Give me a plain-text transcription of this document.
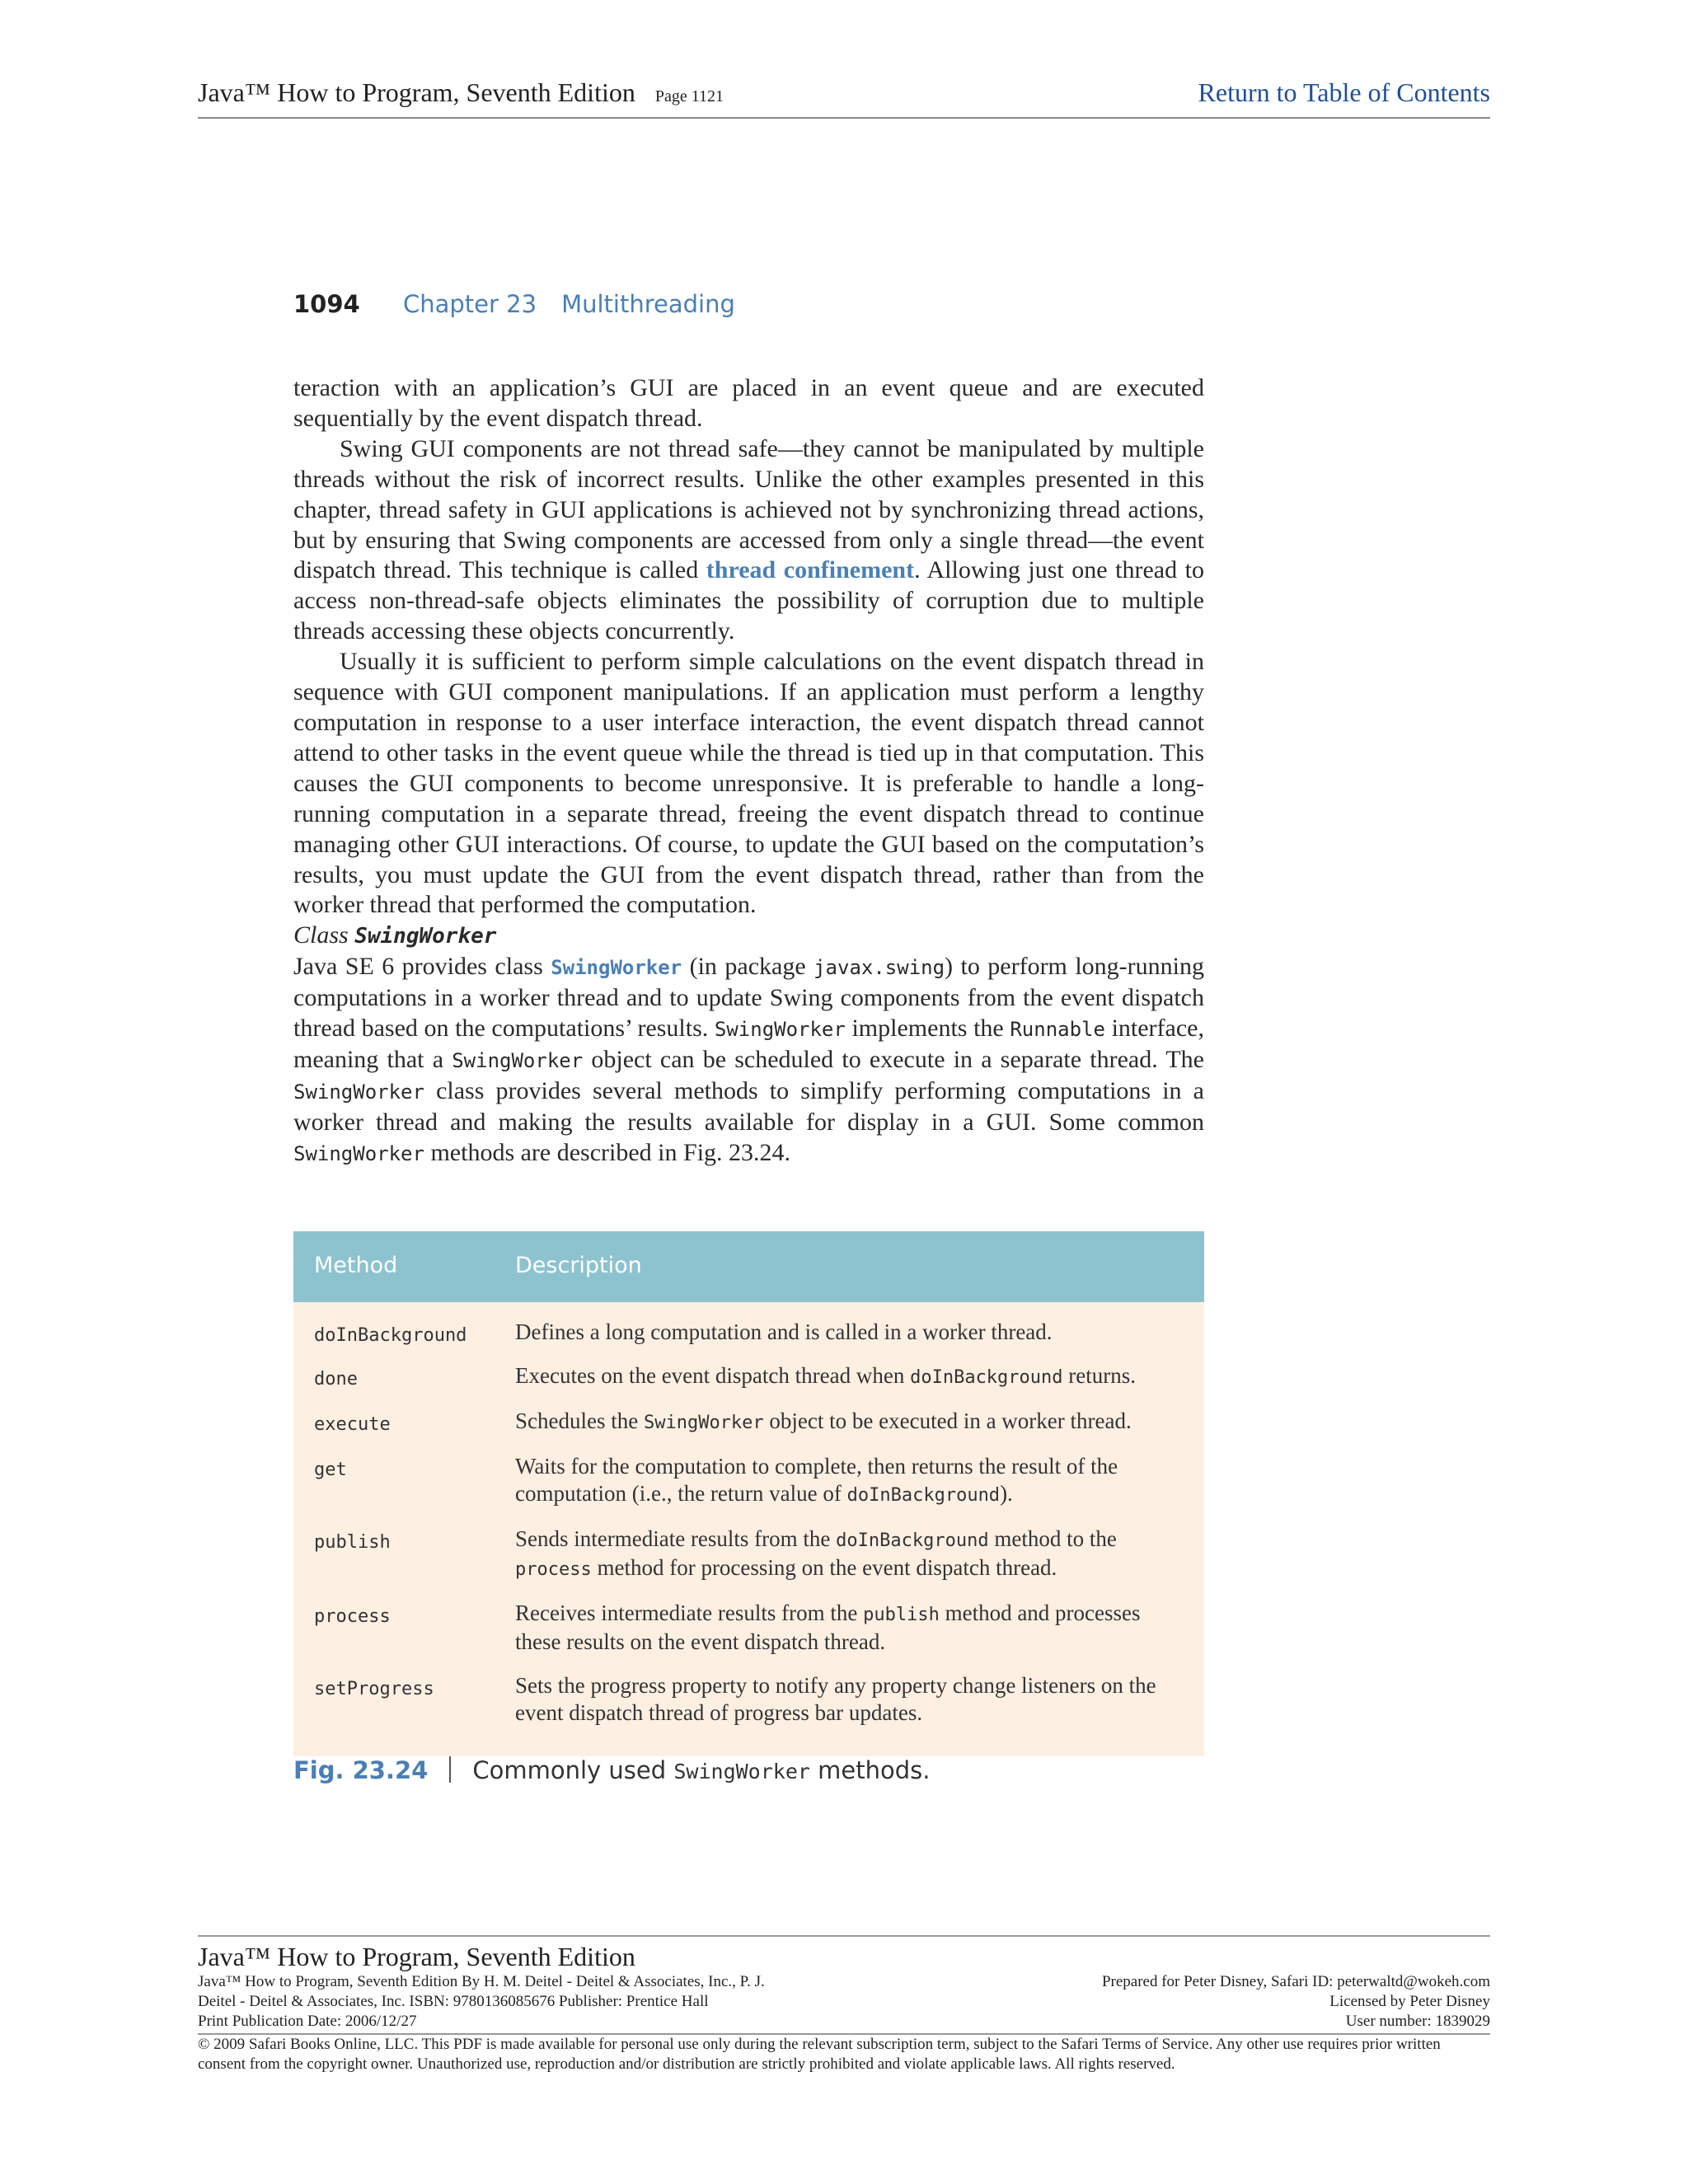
Java™ How to Program, Seventh Edition Page 1121	Return to Table of Contents
1094 Chapter 23 Multithreading

teraction with an application’s GUI are placed in an event queue and are executed sequentially by the event dispatch thread.

Swing GUI components are not thread safe—they cannot be manipulated by multiple threads without the risk of incorrect results. Unlike the other examples presented in this chapter, thread safety in GUI applications is achieved not by synchronizing thread actions, but by ensuring that Swing components are accessed from only a single thread—the event dispatch thread. This technique is called thread confinement. Allowing just one thread to access non-thread-safe objects eliminates the possibility of corruption due to multiple threads accessing these objects concurrently.

Usually it is sufficient to perform simple calculations on the event dispatch thread in sequence with GUI component manipulations. If an application must perform a lengthy computation in response to a user interface interaction, the event dispatch thread cannot attend to other tasks in the event queue while the thread is tied up in that computation. This causes the GUI components to become unresponsive. It is preferable to handle a long-running computation in a separate thread, freeing the event dispatch thread to continue managing other GUI interactions. Of course, to update the GUI based on the computation’s results, you must update the GUI from the event dispatch thread, rather than from the worker thread that performed the computation.

Class SwingWorker

Java SE 6 provides class SwingWorker (in package javax.swing) to perform long-running computations in a worker thread and to update Swing components from the event dispatch thread based on the computations’ results. SwingWorker implements the Runnable interface, meaning that a SwingWorker object can be scheduled to execute in a separate thread. The SwingWorker class provides several methods to simplify performing computations in a worker thread and making the results available for display in a GUI. Some common SwingWorker methods are described in Fig. 23.24.

Method	Description
doInBackground	Defines a long computation and is called in a worker thread.
done	Executes on the event dispatch thread when doInBackground returns.
execute	Schedules the SwingWorker object to be executed in a worker thread.
get	Waits for the computation to complete, then returns the result of the computation (i.e., the return value of doInBackground).
publish	Sends intermediate results from the doInBackground method to the process method for processing on the event dispatch thread.
process	Receives intermediate results from the publish method and processes these results on the event dispatch thread.
setProgress	Sets the progress property to notify any property change listeners on the event dispatch thread of progress bar updates.
Fig. 23.24 Commonly used SwingWorker methods.
Java™ How to Program, Seventh Edition
Java™ How to Program, Seventh Edition By H. M. Deitel - Deitel & Associates, Inc., P. J.
Deitel - Deitel & Associates, Inc. ISBN: 9780136085676 Publisher: Prentice Hall
Print Publication Date: 2006/12/27
Prepared for Peter Disney, Safari ID: peterwaltd@wokeh.com
Licensed by Peter Disney
User number: 1839029
© 2009 Safari Books Online, LLC. This PDF is made available for personal use only during the relevant subscription term, subject to the Safari Terms of Service. Any other use requires prior written consent from the copyright owner. Unauthorized use, reproduction and/or distribution are strictly prohibited and violate applicable laws. All rights reserved.
